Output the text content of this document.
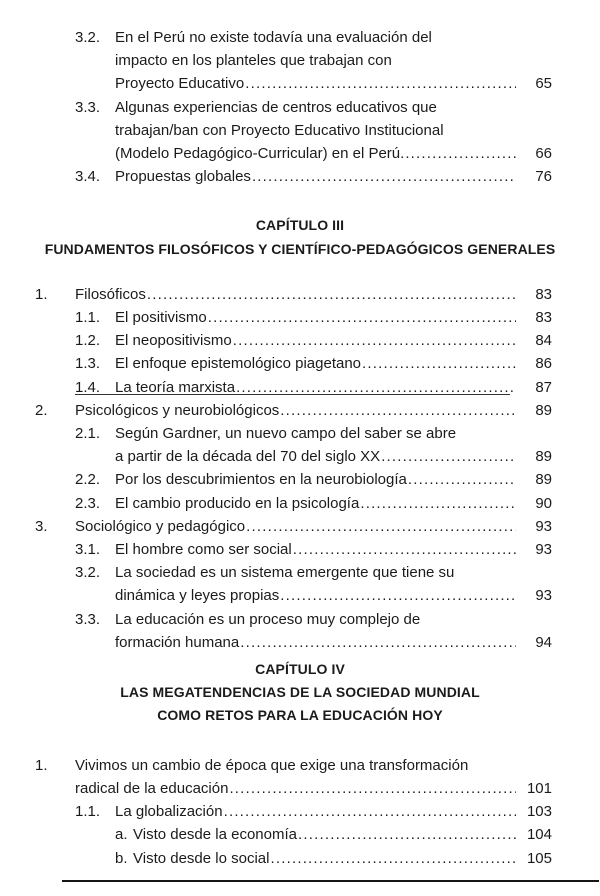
3.2. En el Perú no existe todavía una evaluación del
impacto en los planteles que trabajan con
Proyecto Educativo .....	65
3.3. Algunas experiencias de centros educativos que
trabajan/ban con Proyecto Educativo Institucional
(Modelo Pedagógico-Curricular) en el Perú. .....	66
3.4. Propuestas globales .....	76
CAPÍTULO III
FUNDAMENTOS FILOSÓFICOS Y CIENTÍFICO-PEDAGÓGICOS GENERALES
1.	Filosóficos .....	83
1.1. El positivismo .....	83
1.2. El neopositivismo .....	84
1.3. El enfoque epistemológico piagetano .....	86
1.4. La teoría marxista .....	87
2.	Psicológicos y neurobiológicos .....	89
2.1. Según Gardner, un nuevo campo del saber se abre
a partir de la década del 70 del siglo XX .....	89
2.2. Por los descubrimientos en la neurobiología .....	89
2.3. El cambio producido en la psicología .....	90
3.	Sociológico y pedagógico .....	93
3.1. El hombre como ser social .....	93
3.2. La sociedad es un sistema emergente que tiene su
dinámica y leyes propias .....	93
3.3. La educación es un proceso muy complejo de
formación humana .....	94
CAPÍTULO IV
LAS MEGATENDENCIAS DE LA SOCIEDAD MUNDIAL
COMO RETOS PARA LA EDUCACIÓN HOY
1.	Vivimos un cambio de época que exige una transformación
radical de la educación .....	101
1.1. La globalización .....	103
a. Visto desde la economía .....	104
b. Visto desde lo social .....	105
